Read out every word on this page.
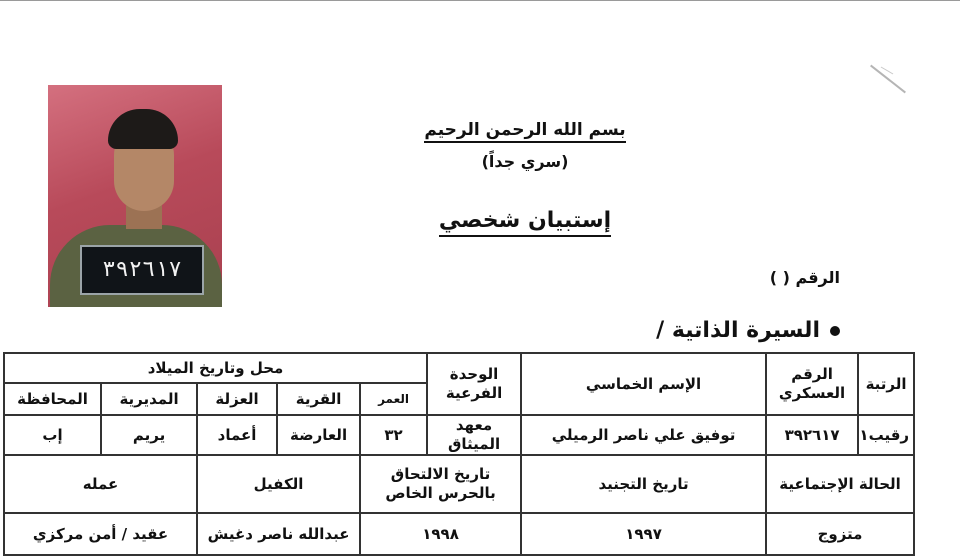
٣٩٢٦١٧
بسم الله الرحمن الرحيم
(سري جداً)
إستبيان شخصي
الرقم ( )
السيرة الذاتية /
الرتبة	الرقم العسكري	الإسم الخماسي	الوحدة الفرعية	محل وتاريخ الميلاد				
				العمر	القرية	العزلة	المديرية	المحافظة
رقيب١	٣٩٢٦١٧	توفيق علي ناصر الرميلي	معهد الميثاق	٣٢	العارضة	أعماد	يريم	إب
الحالة الإجتماعية		تاريخ التجنيد	تاريخ الالتحاق بالحرس الخاص		الكفيل		عمله	
متزوج		١٩٩٧	١٩٩٨		عبدالله ناصر دغيش		عقيد / أمن مركزي	
